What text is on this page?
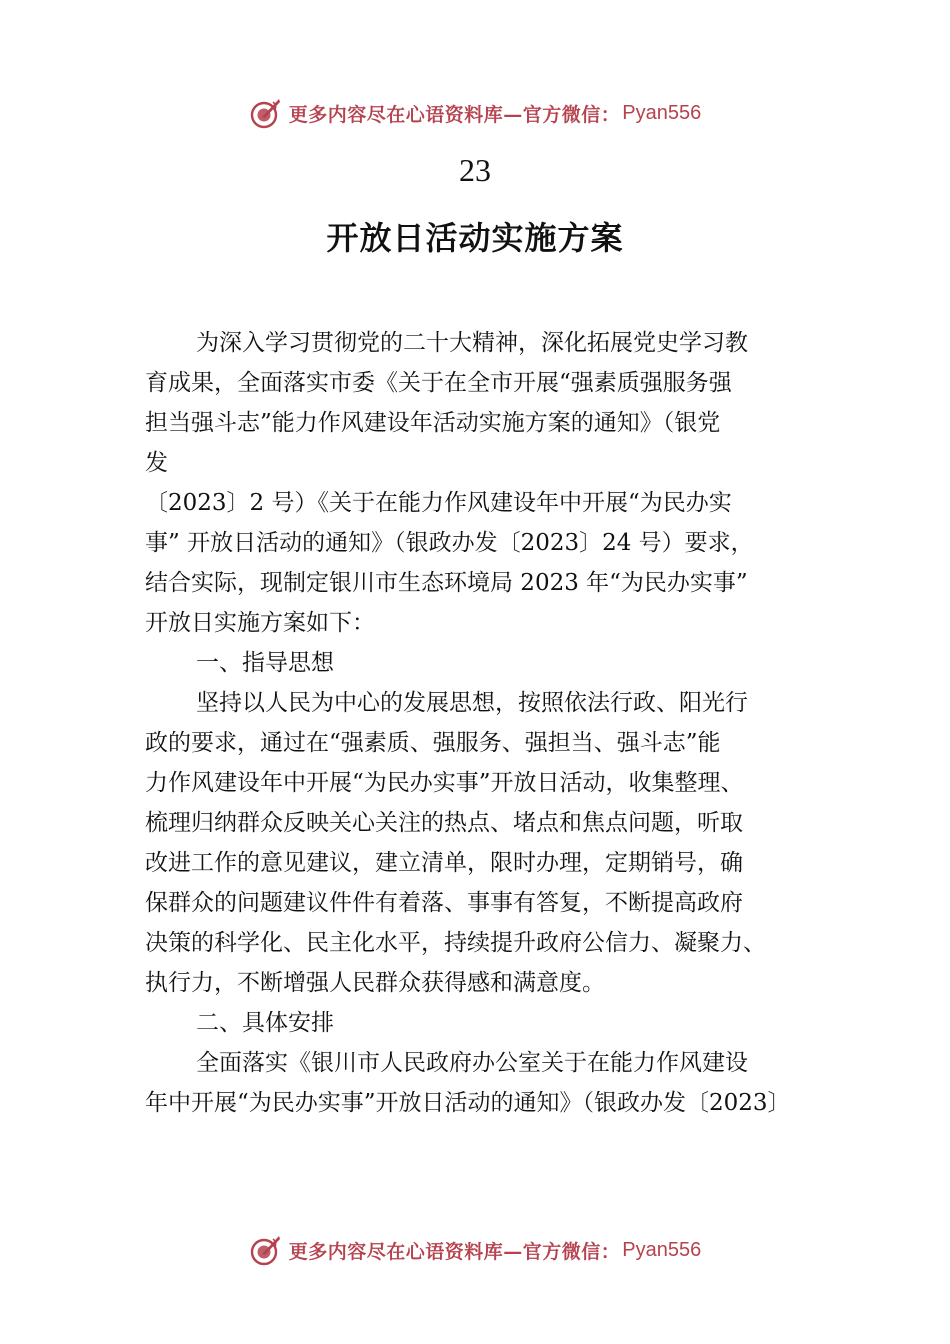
更多内容尽在心语资料库—官方微信： Pyan556
23
开放日活动实施方案
为深入学习贯彻党的二十大精神，深化拓展党史学习教
育成果，全面落实市委《关于在全市开展“强素质强服务强
担当强斗志”能力作风建设年活动实施方案的通知》（银党
发
〔2023〕2 号）《关于在能力作风建设年中开展“为民办实
事” 开放日活动的通知》（银政办发〔2023〕24 号）要求，
结合实际，现制定银川市生态环境局 2023 年“为民办实事”
开放日实施方案如下：
一、指导思想
坚持以人民为中心的发展思想，按照依法行政、阳光行
政的要求，通过在“强素质、强服务、强担当、强斗志”能
力作风建设年中开展“为民办实事”开放日活动，收集整理、
梳理归纳群众反映关心关注的热点、堵点和焦点问题，听取
改进工作的意见建议，建立清单，限时办理，定期销号，确
保群众的问题建议件件有着落、事事有答复，不断提高政府
决策的科学化、民主化水平，持续提升政府公信力、凝聚力、
执行力，不断增强人民群众获得感和满意度。
二、具体安排
全面落实《银川市人民政府办公室关于在能力作风建设
年中开展“为民办实事”开放日活动的通知》（银政办发〔2023〕
更多内容尽在心语资料库—官方微信： Pyan556
